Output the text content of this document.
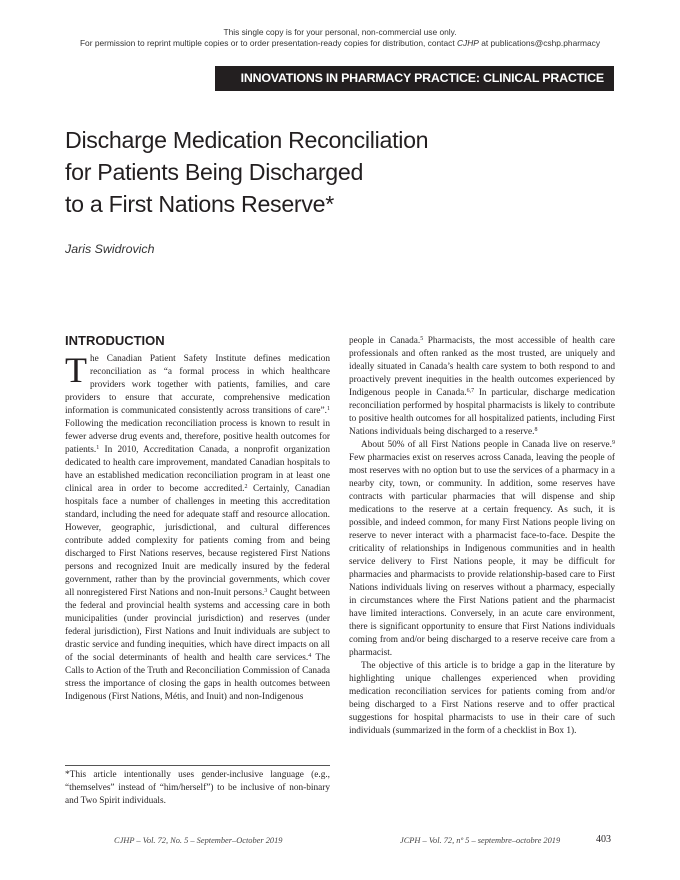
This single copy is for your personal, non-commercial use only.
For permission to reprint multiple copies or to order presentation-ready copies for distribution, contact CJHP at publications@cshp.pharmacy
INNOVATIONS IN PHARMACY PRACTICE: CLINICAL PRACTICE
Discharge Medication Reconciliation
for Patients Being Discharged
to a First Nations Reserve*
Jaris Swidrovich
INTRODUCTION

The Canadian Patient Safety Institute defines medication reconciliation as “a formal process in which healthcare providers work together with patients, families, and care providers to ensure that accurate, comprehensive medication information is communicated consistently across transitions of care”.$^1$ Following the medication reconciliation process is known to result in fewer adverse drug events and, therefore, positive health outcomes for patients.$^1$ In 2010, Accreditation Canada, a nonprofit organization dedicated to health care improvement, mandated Canadian hospitals to have an established medication reconciliation program in at least one clinical area in order to become accredited.$^2$ Certainly, Canadian hospitals face a number of challenges in meeting this accreditation standard, including the need for adequate staff and resource allocation. However, geographic, jurisdictional, and cultural differences contribute added complexity for patients coming from and being discharged to First Nations reserves, because registered First Nations persons and recognized Inuit are medically insured by the federal government, rather than by the provincial governments, which cover all nonregistered First Nations and non-Inuit persons.$^3$ Caught between the federal and provincial health systems and accessing care in both municipalities (under provincial jurisdiction) and reserves (under federal jurisdiction), First Nations and Inuit individuals are subject to drastic service and funding inequities, which have direct impacts on all of the social determinants of health and health care services.$^4$ The Calls to Action of the Truth and Reconciliation Commission of Canada stress the importance of closing the gaps in health outcomes between Indigenous (First Nations, Métis, and Inuit) and non-Indigenous

people in Canada.$^5$ Pharmacists, the most accessible of health care professionals and often ranked as the most trusted, are uniquely and ideally situated in Canada’s health care system to both respond to and proactively prevent inequities in the health outcomes experienced by Indigenous people in Canada.$^{6,7}$ In particular, discharge medication reconciliation performed by hospital pharmacists is likely to contribute to positive health outcomes for all hospitalized patients, including First Nations individuals being discharged to a reserve.$^8$

About 50% of all First Nations people in Canada live on reserve.$^9$ Few pharmacies exist on reserves across Canada, leaving the people of most reserves with no option but to use the services of a pharmacy in a nearby city, town, or community. In addition, some reserves have contracts with particular pharmacies that will dispense and ship medications to the reserve at a certain frequency. As such, it is possible, and indeed common, for many First Nations people living on reserve to never interact with a pharmacist face-to-face. Despite the criticality of relationships in Indigenous communities and in health service delivery to First Nations people, it may be difficult for pharmacies and pharmacists to provide relationship-based care to First Nations individuals living on reserves without a pharmacy, especially in circumstances where the First Nations patient and the pharmacist have limited interactions. Conversely, in an acute care environment, there is significant opportunity to ensure that First Nations individuals coming from and/or being discharged to a reserve receive care from a pharmacist.

The objective of this article is to bridge a gap in the literature by highlighting unique challenges experienced when providing medication reconciliation services for patients coming from and/or being discharged to a First Nations reserve and to offer practical suggestions for hospital pharmacists to use in their care of such individuals (summarized in the form of a checklist in Box 1).

*This article intentionally uses gender-inclusive language (e.g., “themselves” instead of “him/herself”) to be inclusive of non-binary and Two Spirit individuals.
CJHP – Vol. 72, No. 5 – September–October 2019	JCPH – Vol. 72, nº 5 – septembre–octobre 2019	403
